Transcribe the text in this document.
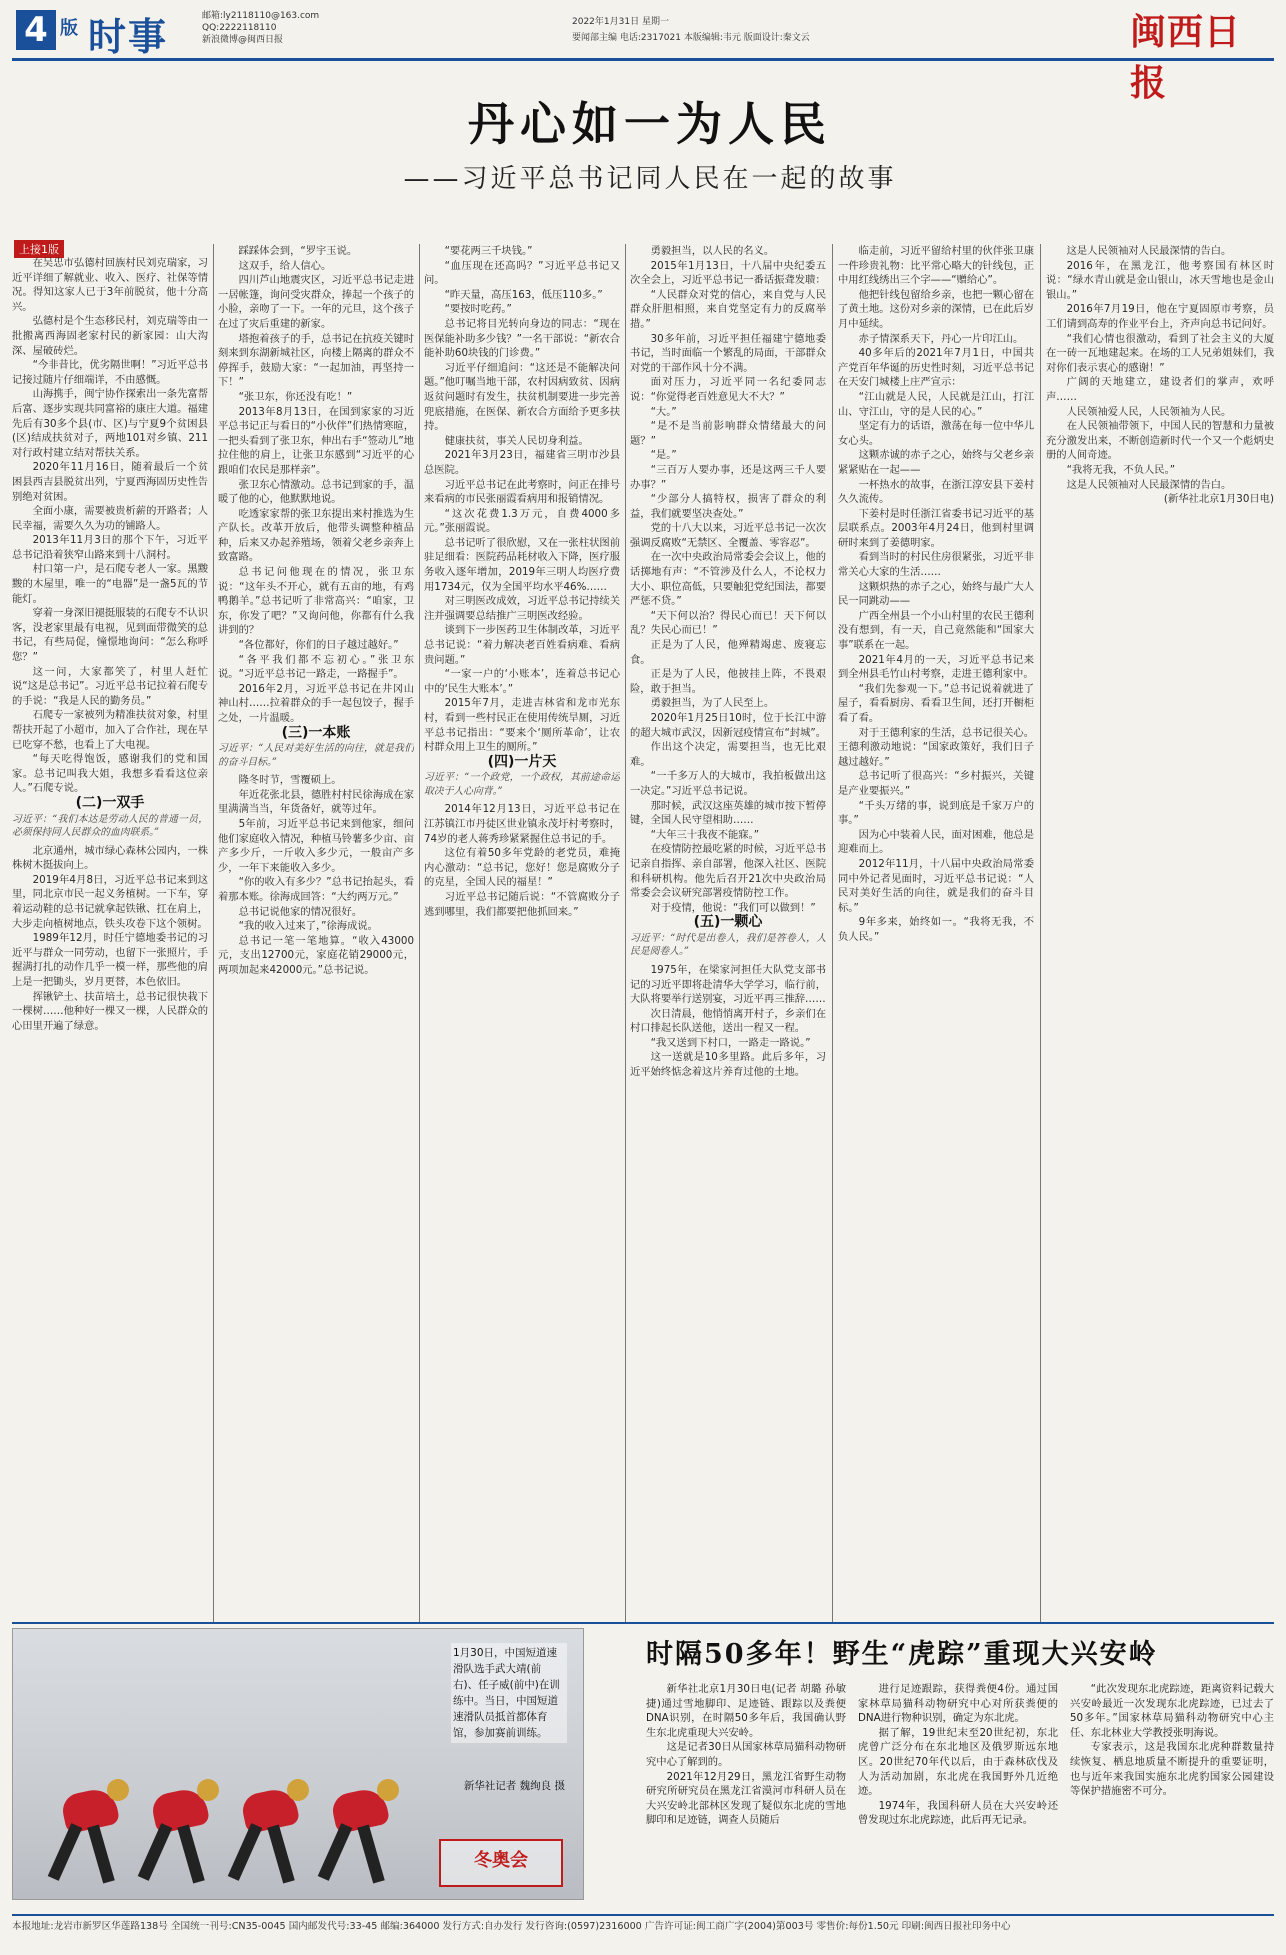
4 版 时事	邮箱:ly2118110@163.com
QQ:2222118110
新浪微博@闽西日报
2022年1月31日 星期一
要闻部主编 电话:2317021 本版编辑:韦元 版面设计:秦文云	闽西日报
丹心如一为人民
——习近平总书记同人民在一起的故事
上接1版

在吴忠市弘德村回族村民刘克瑞家，习近平详细了解就业、收入、医疗、社保等情况。得知这家人已于3年前脱贫，他十分高兴。

弘德村是个生态移民村，刘克瑞等由一批搬离西海固老家村民的新家园：山大沟深、屋破砖烂。

“今非昔比，优劣隔世啊！”习近平总书记接过随片仔细端详，不由感慨。

山海携手，闽宁协作探索出一条先富帮后富、逐步实现共同富裕的康庄大道。福建先后有30多个县(市、区)与宁夏9个贫困县(区)结成扶贫对子，两地101对乡镇、211对行政村建立结对帮扶关系。

2020年11月16日，随着最后一个贫困县西吉县脱贫出列，宁夏西海固历史性告别绝对贫困。

全面小康，需要被贵析薪的开路者；人民幸福，需要久久为功的铺路人。

2013年11月3日的那个下午，习近平总书记沿着狭窄山路来到十八洞村。

村口第一户，是石爬专老人一家。黑黢黢的木屋里，唯一的“电器”是一盏5瓦的节能灯。

穿着一身深旧褪挺服装的石爬专不认识客，没老家里最有电视，见到面带微笑的总书记，有些局促，憧憬地询问：“怎么称呼您？”

这一问，大家都笑了，村里人赶忙说“这是总书记”。习近平总书记拉着石爬专的手说：“我是人民的勤务员。”

石爬专一家被列为精准扶贫对象，村里帮扶开起了小超市，加入了合作社，现在早已吃穿不愁，也看上了大电视。

“每天吃得饱饭，感谢我们的党和国家。总书记叫我大姐，我想多看看这位亲人。”石爬专说。

(二)一双手

习近平：“我们本达是劳动人民的普通一员，必须保持同人民群众的血肉联系。”

北京通州，城市绿心森林公园内，一株株树木挺拔向上。

2019年4月8日，习近平总书记来到这里，同北京市民一起义务植树。一下车，穿着运动鞋的总书记就拿起铁锹、扛在肩上，大步走向植树地点，铁头攻卷下这个领树。

1989年12月，时任宁德地委书记的习近平与群众一同劳动，也留下一张照片，手握满打扎的动作几乎一模一样，那些他的肩上是一把锄头，岁月更替，本色依旧。

挥锹铲土、扶苗培土，总书记很快栽下一棵树……他种好一棵又一棵，人民群众的心田里开遍了绿意。

踩踩体会到，“罗宇玉说。

这双手，给人信心。

四川芦山地震灾区，习近平总书记走进一居帐篷，询问受灾群众，捧起一个孩子的小脸，亲吻了一下。一年的元旦，这个孩子在过了灾后重建的新家。

塔抱着孩子的手，总书记在抗疫关键时刻来到东湖新城社区，向楼上隔离的群众不停挥手，鼓励大家：“一起加油，再坚持一下！”

“张卫东，你还没有吃！”

2013年8月13日，在国到家家的习近平总书记正与看日的“小伙伴”们热情寒暄，一把头看到了张卫东，伸出右手“签动儿”地拉住他的肩上，让张卫东感到“习近平的心跟咱们农民是那样亲”。

张卫东心情激动。总书记到家的手，温暖了他的心，他默默地说。

吃透家家帮的张卫东提出来村推选为生产队长。改革开放后，他带头调整种植品种，后来又办起养殖场，领着父老乡亲奔上致富路。

总书记问他现在的情况，张卫东说：“这年头不开心，就有五亩的地，有鸡鸭鹅羊。”总书记听了非常高兴：“咱家，卫东，你发了吧？”又询问他，你都有什么我讲到的？

“各位都好，你们的日子越过越好。”

“各平我们都不忘初心。”张卫东说。“习近平总书记一路走，一路握手”。

2016年2月，习近平总书记在井冈山神山村……拉着群众的手一起包饺子，握手之处，一片温暖。

(三)一本账

习近平：“人民对美好生活的向往，就是我们的奋斗目标。”

隆冬时节，雪覆硕上。

年近花张北县，德胜村村民徐海成在家里满满当当，年货备好，就等过年。

5年前，习近平总书记来到他家，细问他们家庭收入情况，种植马铃薯多少亩、亩产多少斤，一斤收入多少元，一般亩产多少，一年下来能收入多少。

“你的收入有多少？”总书记抬起头，看着那本账。徐海成回答：“大约两万元。”

总书记说他家的情况很好。

“我的收入过来了，”徐海成说。

总书记一笔一笔地算。“收入43000元，支出12700元，家庭花销29000元，两项加起来42000元。”总书记说。

“要花两三千块钱。”

“血压现在还高吗？”习近平总书记又问。

“昨天量，高压163，低压110多。”

“要按时吃药。”

总书记将目光转向身边的同志：“现在医保能补助多少钱？”一名干部说：“新农合能补助60块钱的门诊费。”

习近平仔细追问：“这还是不能解决问题。”他叮嘱当地干部，农村因病致贫、因病返贫问题时有发生，扶贫机制要进一步完善兜底措施，在医保、新农合方面给予更多扶持。

健康扶贫，事关人民切身利益。

2021年3月23日，福建省三明市沙县总医院。

习近平总书记在此考察时，问正在排号来看病的市民张丽霞看病用和报销情况。

“这次花费1.3万元，自费4000多元。”张丽霞说。

总书记听了很欣慰，又在一张柱状图前驻足细看：医院药品耗材收入下降，医疗服务收入逐年增加，2019年三明人均医疗费用1734元，仅为全国平均水平46%……

对三明医改成效，习近平总书记持续关注并强调要总结推广三明医改经验。

谈到下一步医药卫生体制改革，习近平总书记说：“着力解决老百姓看病难、看病贵问题。”

“一家一户的‘小账本’，连着总书记心中的‘民生大账本’。”

2015年7月，走进吉林省和龙市光东村，看到一些村民正在使用传统旱厕，习近平总书记指出：“要来个‘厕所革命’，让农村群众用上卫生的厕所。”

(四)一片天

习近平：“一个政党，一个政权，其前途命运取决于人心向背。”

2014年12月13日，习近平总书记在江苏镇江市丹徒区世业镇永茂圩村考察时，74岁的老人蒋秀珍紧紧握住总书记的手。

这位有着50多年党龄的老党员，难掩内心激动：“总书记，您好！您是腐败分子的克星，全国人民的福星！”

习近平总书记随后说：“不管腐败分子逃到哪里，我们都要把他抓回来。”

勇毅担当，以人民的名义。

2015年1月13日，十八届中央纪委五次全会上，习近平总书记一番话振聋发聩：

“人民群众对党的信心，来自党与人民群众肝胆相照，来自党坚定有力的反腐举措。”

30多年前，习近平担任福建宁德地委书记，当时面临一个繁乱的局面，干部群众对党的干部作风十分不满。

面对压力，习近平同一名纪委同志说：“你觉得老百姓意见大不大？”

“大。”

“是不是当前影响群众情绪最大的问题？”

“是。”

“三百万人要办事，还是这两三千人要办事？”

“少部分人搞特权，损害了群众的利益，我们就要坚决查处。”

党的十八大以来，习近平总书记一次次强调反腐败“无禁区、全覆盖、零容忍”。

在一次中央政治局常委会会议上，他的话掷地有声：“不管涉及什么人，不论权力大小、职位高低，只要触犯党纪国法，都要严惩不贷。”

“天下何以治？得民心而已！天下何以乱？失民心而已！”

正是为了人民，他殚精竭虑、废寝忘食。

正是为了人民，他披挂上阵，不畏艰险，敢于担当。

勇毅担当，为了人民至上。

2020年1月25日10时，位于长江中游的超大城市武汉，因新冠疫情宣布“封城”。

作出这个决定，需要担当，也无比艰难。

“一千多万人的大城市，我拍板做出这一决定。”习近平总书记说。

那时候，武汉这座英雄的城市按下暂停键，全国人民守望相助……

“大年三十我夜不能寐。”

在疫情防控最吃紧的时候，习近平总书记亲自指挥、亲自部署，他深入社区、医院和科研机构。他先后召开21次中央政治局常委会会议研究部署疫情防控工作。

对于疫情，他说：“我们可以做到！”

(五)一颗心

习近平：“时代是出卷人，我们是答卷人，人民是阅卷人。”

1975年，在梁家河担任大队党支部书记的习近平即将赴清华大学学习，临行前，大队将要举行送别宴，习近平再三推辞……

次日清晨，他悄悄离开村子，乡亲们在村口排起长队送他，送出一程又一程。

“我又送到下村口，一路走一路说。”

这一送就是10多里路。此后多年，习近平始终惦念着这片养育过他的土地。

临走前，习近平留给村里的伙伴张卫康一件珍贵礼物：比平常心略大的针线包，正中用红线绣出三个字——“赠给心”。

他把针线包留给乡亲，也把一颗心留在了黄土地。这份对乡亲的深情，已在此后岁月中延续。

赤子情深系天下，丹心一片印江山。

40多年后的2021年7月1日，中国共产党百年华诞的历史性时刻，习近平总书记在天安门城楼上庄严宣示：

“江山就是人民，人民就是江山，打江山、守江山，守的是人民的心。”

坚定有力的话语，激荡在每一位中华儿女心头。

这颗赤诚的赤子之心，始终与父老乡亲紧紧贴在一起——

一杯热水的故事，在浙江淳安县下姜村久久流传。

下姜村是时任浙江省委书记习近平的基层联系点。2003年4月24日，他到村里调研时来到了姜德明家。

看到当时的村民住房很紧张，习近平非常关心大家的生活……

这颗炽热的赤子之心，始终与最广大人民一同跳动——

广西全州县一个小山村里的农民王德利没有想到，有一天，自己竟然能和“国家大事”联系在一起。

2021年4月的一天，习近平总书记来到全州县毛竹山村考察，走进王德利家中。

“我们先参观一下。”总书记说着就进了屋子，看看厨房、看看卫生间，还打开橱柜看了看。

对于王德利家的生活，总书记很关心。王德利激动地说：“国家政策好，我们日子越过越好。”

总书记听了很高兴：“乡村振兴，关键是产业要振兴。”

“千头万绪的事，说到底是千家万户的事。”

因为心中装着人民，面对困难，他总是迎难而上。

2012年11月，十八届中央政治局常委同中外记者见面时，习近平总书记说：“人民对美好生活的向往，就是我们的奋斗目标。”

9年多来，始终如一。“我将无我，不负人民。”

这是人民领袖对人民最深情的告白。

2016年，在黑龙江，他考察国有林区时说：“绿水青山就是金山银山，冰天雪地也是金山银山。”

2016年7月19日，他在宁夏固原市考察，员工们请到高寿的作业平台上，齐声向总书记问好。

“我们心情也很激动，看到了社会主义的大厦在一砖一瓦地建起来。在场的工人兄弟姐妹们，我对你们表示衷心的感谢！”

广阔的天地建立，建设者们的掌声，欢呼声……

人民领袖爱人民，人民领袖为人民。

在人民领袖带领下，中国人民的智慧和力量被充分激发出来，不断创造新时代一个又一个彪炳史册的人间奇迹。

“我将无我，不负人民。”

这是人民领袖对人民最深情的告白。

(新华社北京1月30日电)

1月30日，中国短道速滑队选手武大靖(前右)、任子威(前中)在训练中。当日，中国短道速滑队员抵首都体育馆，参加赛前训练。
新华社记者 魏绚良 摄
冬奥会
时隔50多年！野生“虎踪”重现大兴安岭

新华社北京1月30日电(记者 胡璐 孙敏捷)通过雪地脚印、足迹链、跟踪以及粪便DNA识别，在时隔50多年后，我国确认野生东北虎重现大兴安岭。

这是记者30日从国家林草局猫科动物研究中心了解到的。

2021年12月29日，黑龙江省野生动物研究所研究员在黑龙江省漠河市科研人员在大兴安岭北部林区发现了疑似东北虎的雪地脚印和足迹链，调查人员随后

进行足迹跟踪，获得粪便4份。通过国家林草局猫科动物研究中心对所获粪便的DNA进行物种识别，确定为东北虎。

据了解，19世纪末至20世纪初，东北虎曾广泛分布在东北地区及俄罗斯远东地区。20世纪70年代以后，由于森林砍伐及人为活动加剧，东北虎在我国野外几近绝迹。

1974年，我国科研人员在大兴安岭还曾发现过东北虎踪迹，此后再无记录。

“此次发现东北虎踪迹，距离资料记载大兴安岭最近一次发现东北虎踪迹，已过去了50多年。”国家林草局猫科动物研究中心主任、东北林业大学教授张明海说。

专家表示，这是我国东北虎种群数量持续恢复、栖息地质量不断提升的重要证明，也与近年来我国实施东北虎豹国家公园建设等保护措施密不可分。

本报地址:龙岩市新罗区华莲路138号 全国统一刊号:CN35-0045 国内邮发代号:33-45 邮编:364000 发行方式:自办发行 发行咨询:(0597)2316000 广告许可证:闽工商广字(2004)第003号 零售价:每份1.50元 印刷:闽西日报社印务中心
